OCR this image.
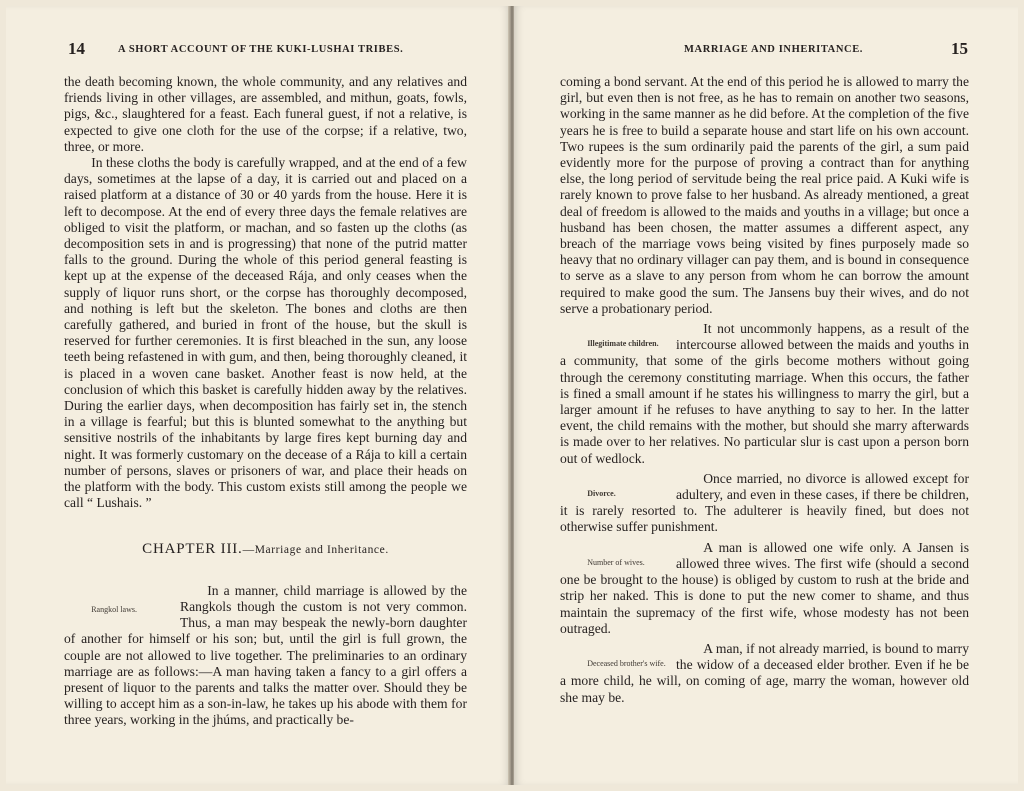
14	A SHORT ACCOUNT OF THE KUKI-LUSHAI TRIBES.

the death becoming known, the whole community, and any relatives and friends living in other villages, are assembled, and mithun, goats, fowls, pigs, &c., slaughtered for a feast. Each funeral guest, if not a relative, is expected to give one cloth for the use of the corpse; if a relative, two, three, or more.

In these cloths the body is carefully wrapped, and at the end of a few days, sometimes at the lapse of a day, it is carried out and placed on a raised platform at a distance of 30 or 40 yards from the house. Here it is left to decompose. At the end of every three days the female relatives are obliged to visit the platform, or machan, and so fasten up the cloths (as decomposition sets in and is progressing) that none of the putrid matter falls to the ground. During the whole of this period general feasting is kept up at the expense of the deceased Rája, and only ceases when the supply of liquor runs short, or the corpse has thoroughly decomposed, and nothing is left but the skeleton. The bones and cloths are then carefully gathered, and buried in front of the house, but the skull is reserved for further ceremonies. It is first bleached in the sun, any loose teeth being refastened in with gum, and then, being thoroughly cleaned, it is placed in a woven cane basket. Another feast is now held, at the conclusion of which this basket is carefully hidden away by the relatives. During the earlier days, when decomposition has fairly set in, the stench in a village is fearful; but this is blunted somewhat to the anything but sensitive nostrils of the inhabitants by large fires kept burning day and night. It was formerly customary on the decease of a Rája to kill a certain number of persons, slaves or prisoners of war, and place their heads on the platform with the body. This custom exists still among the people we call “ Lushais. ”

CHAPTER III.—Marriage and Inheritance.

Rangkol laws.
In a manner, child marriage is allowed by the Rangkols though the custom is not very common. Thus, a man may bespeak the newly-born daughter of another for himself or his son; but, until the girl is full grown, the couple are not allowed to live together. The preliminaries to an ordinary marriage are as follows:—A man having taken a fancy to a girl offers a present of liquor to the parents and talks the matter over. Should they be willing to accept him as a son-in-law, he takes up his abode with them for three years, working in the jhúms, and practically be-

MARRIAGE AND INHERITANCE.	15

coming a bond servant. At the end of this period he is allowed to marry the girl, but even then is not free, as he has to remain on another two seasons, working in the same manner as he did before. At the completion of the five years he is free to build a separate house and start life on his own account. Two rupees is the sum ordinarily paid the parents of the girl, a sum paid evidently more for the purpose of proving a contract than for anything else, the long period of servitude being the real price paid. A Kuki wife is rarely known to prove false to her husband. As already mentioned, a great deal of freedom is allowed to the maids and youths in a village; but once a husband has been chosen, the matter assumes a different aspect, any breach of the marriage vows being visited by fines purposely made so heavy that no ordinary villager can pay them, and is bound in consequence to serve as a slave to any person from whom he can borrow the amount required to make good the sum. The Jansens buy their wives, and do not serve a probationary period.

Illegitimate children.
It not uncommonly happens, as a result of the intercourse allowed between the maids and youths in a community, that some of the girls become mothers without going through the ceremony constituting marriage. When this occurs, the father is fined a small amount if he states his willingness to marry the girl, but a larger amount if he refuses to have anything to say to her. In the latter event, the child remains with the mother, but should she marry afterwards is made over to her relatives. No particular slur is cast upon a person born out of wedlock.

Divorce.
Once married, no divorce is allowed except for adultery, and even in these cases, if there be children, it is rarely resorted to. The adulterer is heavily fined, but does not otherwise suffer punishment.

Number of wives.
A man is allowed one wife only. A Jansen is allowed three wives. The first wife (should a second one be brought to the house) is obliged by custom to rush at the bride and strip her naked. This is done to put the new comer to shame, and thus maintain the supremacy of the first wife, whose modesty has not been outraged.

Deceased brother's wife.
A man, if not already married, is bound to marry the widow of a deceased elder brother. Even if he be a more child, he will, on coming of age, marry the woman, however old she may be.
